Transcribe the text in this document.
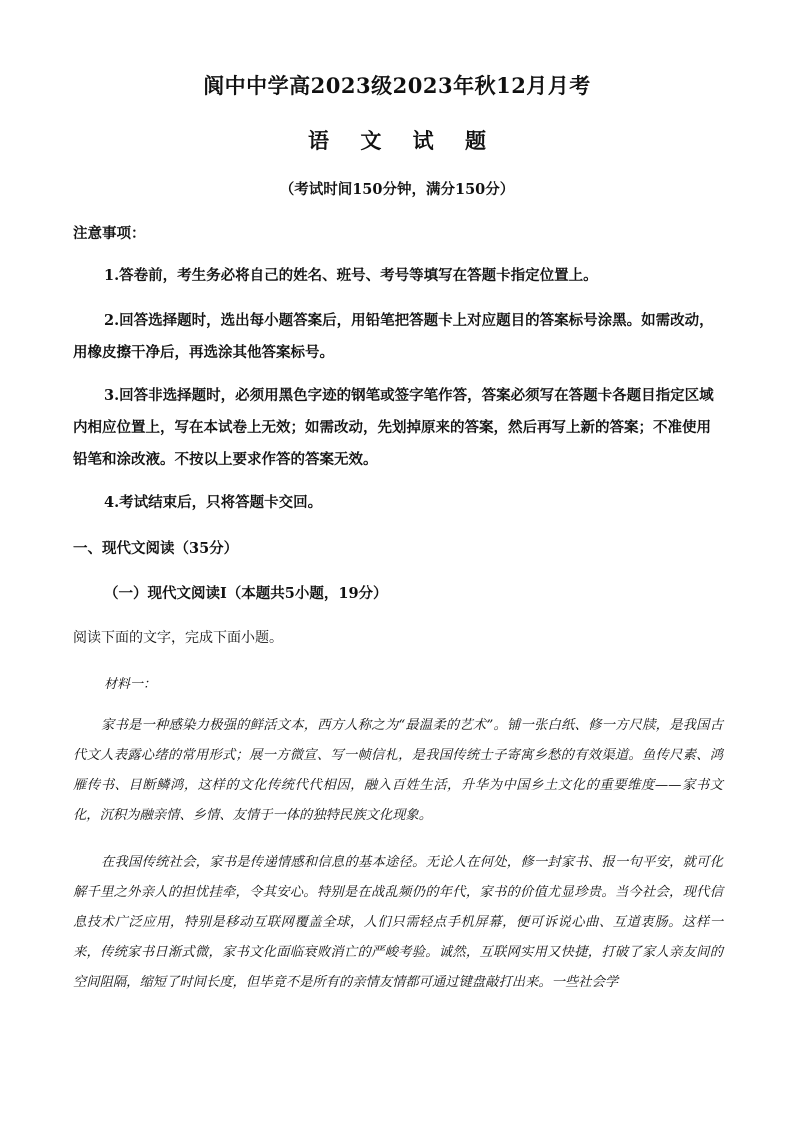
阆中中学高2023级2023年秋12月月考
语 文 试 题
（考试时间150分钟，满分150分）
注意事项：

1.答卷前，考生务必将自己的姓名、班号、考号等填写在答题卡指定位置上。

2.回答选择题时，选出每小题答案后，用铅笔把答题卡上对应题目的答案标号涂黑。如需改动，用橡皮擦干净后，再选涂其他答案标号。

3.回答非选择题时，必须用黑色字迹的钢笔或签字笔作答，答案必须写在答题卡各题目指定区域内相应位置上，写在本试卷上无效；如需改动，先划掉原来的答案，然后再写上新的答案；不准使用铅笔和涂改液。不按以上要求作答的答案无效。

4.考试结束后，只将答题卡交回。

一、现代文阅读（35分）
（一）现代文阅读Ⅰ（本题共5小题，19分）
阅读下面的文字，完成下面小题。
材料一：

家书是一种感染力极强的鲜活文本，西方人称之为“最温柔的艺术”。铺一张白纸、修一方尺牍，是我国古代文人表露心绪的常用形式；展一方微宣、写一帧信札，是我国传统士子寄寓乡愁的有效渠道。鱼传尺素、鸿雁传书、目断鳞鸿，这样的文化传统代代相因，融入百姓生活，升华为中国乡土文化的重要维度——家书文化，沉积为融亲情、乡情、友情于一体的独特民族文化现象。

在我国传统社会，家书是传递情感和信息的基本途径。无论人在何处，修一封家书、报一句平安，就可化解千里之外亲人的担忧挂牵，令其安心。特别是在战乱频仍的年代，家书的价值尤显珍贵。当今社会，现代信息技术广泛应用，特别是移动互联网覆盖全球，人们只需轻点手机屏幕，便可诉说心曲、互道衷肠。这样一来，传统家书日渐式微，家书文化面临衰败消亡的严峻考验。诚然，互联网实用又快捷，打破了家人亲友间的空间阻隔，缩短了时间长度，但毕竟不是所有的亲情友情都可通过键盘敲打出来。一些社会学
